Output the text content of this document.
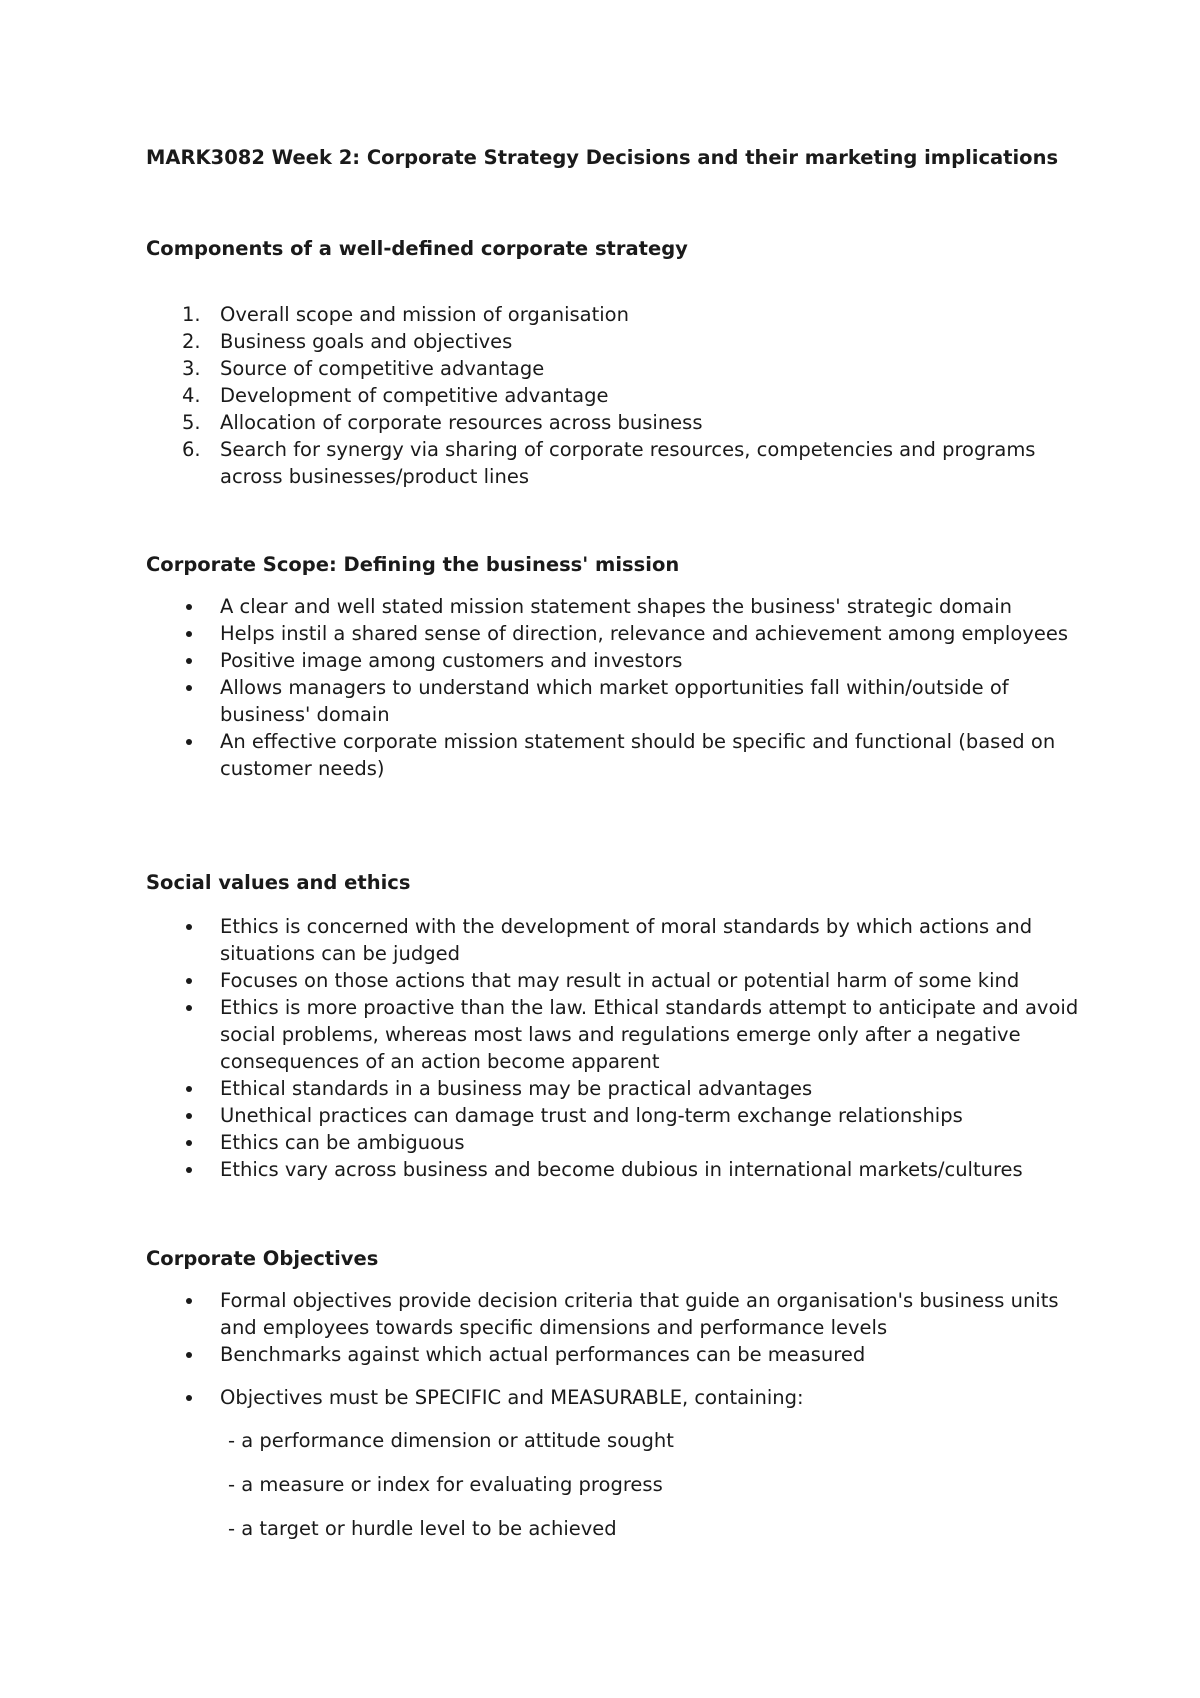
MARK3082 Week 2: Corporate Strategy Decisions and their marketing implications
Components of a well-defined corporate strategy
1. Overall scope and mission of organisation
2. Business goals and objectives
3. Source of competitive advantage
4. Development of competitive advantage
5. Allocation of corporate resources across business
6. Search for synergy via sharing of corporate resources, competencies and programs across businesses/product lines
Corporate Scope: Defining the business' mission
A clear and well stated mission statement shapes the business' strategic domain
Helps instil a shared sense of direction, relevance and achievement among employees
Positive image among customers and investors
Allows managers to understand which market opportunities fall within/outside of business' domain
An effective corporate mission statement should be specific and functional (based on customer needs)
Social values and ethics
Ethics is concerned with the development of moral standards by which actions and situations can be judged
Focuses on those actions that may result in actual or potential harm of some kind
Ethics is more proactive than the law. Ethical standards attempt to anticipate and avoid social problems, whereas most laws and regulations emerge only after a negative consequences of an action become apparent
Ethical standards in a business may be practical advantages
Unethical practices can damage trust and long-term exchange relationships
Ethics can be ambiguous
Ethics vary across business and become dubious in international markets/cultures
Corporate Objectives
Formal objectives provide decision criteria that guide an organisation's business units and employees towards specific dimensions and performance levels
Benchmarks against which actual performances can be measured
Objectives must be SPECIFIC and MEASURABLE, containing:

- a performance dimension or attitude sought

- a measure or index for evaluating progress

- a target or hurdle level to be achieved
